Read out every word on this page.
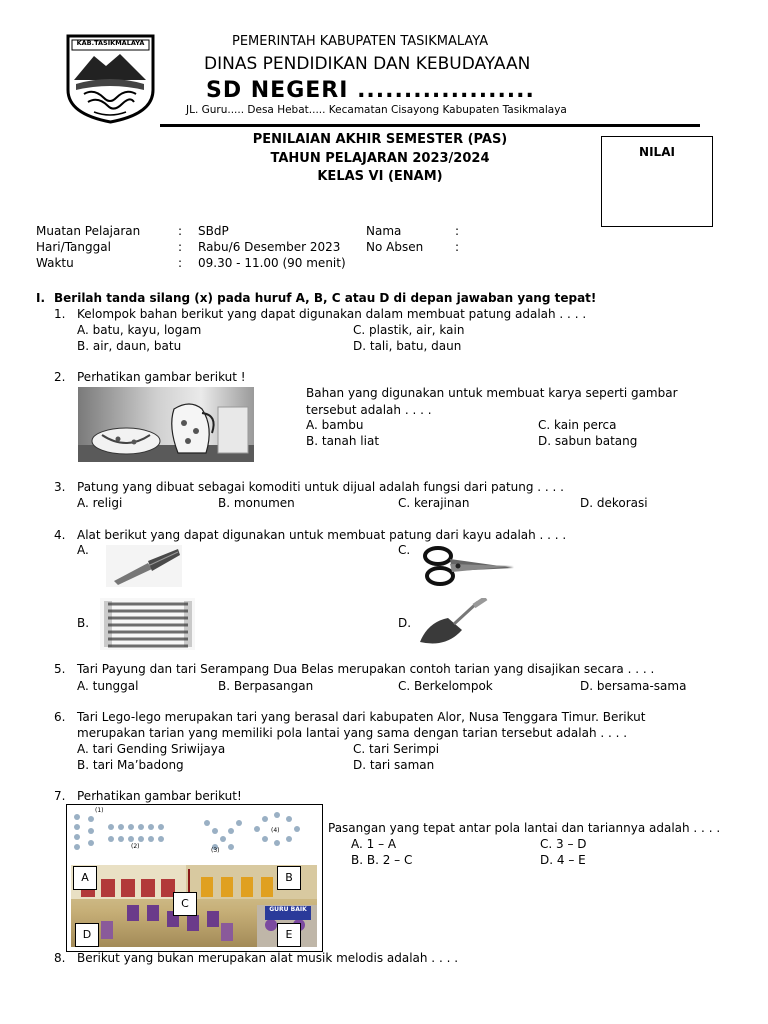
KAB.TASIKMALAYA	PEMERINTAH KABUPATEN TASIKMALAYA
DINAS PENDIDIKAN DAN KEBUDAYAAN
SD NEGERI ...................
JL. Guru..... Desa Hebat..... Kecamatan Cisayong Kabupaten Tasikmalaya
PENILAIAN AKHIR SEMESTER (PAS)
TAHUN PELAJARAN 2023/2024
KELAS VI (ENAM)
NILAI
Muatan Pelajaran	: SBdP	Nama	:
Hari/Tanggal	: Rabu/6 Desember 2023 No Absen	:
Waktu	: 09.30 - 11.00 (90 menit)
I. Berilah tanda silang (x) pada huruf A, B, C atau D di depan jawaban yang tepat!
1. Kelompok bahan berikut yang dapat digunakan dalam membuat patung adalah . . . .
A. batu, kayu, logam
B. air, daun, batu
C. plastik, air, kain
D. tali, batu, daun
2. Perhatikan gambar berikut !
Bahan yang digunakan untuk membuat karya seperti gambar
tersebut adalah . . . .
A. bambu
B. tanah liat
C. kain perca
D. sabun batang
3. Patung yang dibuat sebagai komoditi untuk dijual adalah fungsi dari patung . . . .
A. religi	B. monumen	C. kerajinan	D. dekorasi
4. Alat berikut yang dapat digunakan untuk membuat patung dari kayu adalah . . . .
A.	C.
B.	D.
5. Tari Payung dan tari Serampang Dua Belas merupakan contoh tarian yang disajikan secara . . . .
A. tunggal	B. Berpasangan	C. Berkelompok	D. bersama-sama
6. Tari Lego-lego merupakan tari yang berasal dari kabupaten Alor, Nusa Tenggara Timur. Berikut
merupakan tarian yang memiliki pola lantai yang sama dengan tarian tersebut adalah . . . .
A. tari Gending Sriwijaya
B. tari Ma’badong
C. tari Serimpi
D. tari saman
7. Perhatikan gambar berikut!
(1)
(2)
(3)
(4)
GURU BAIK
A	B
C
D	E
Pasangan yang tepat antar pola lantai dan tariannya adalah . . . .
A. 1 – A
B. B. 2 – C
C. 3 – D
D. 4 – E
8. Berikut yang bukan merupakan alat musik melodis adalah . . . .
